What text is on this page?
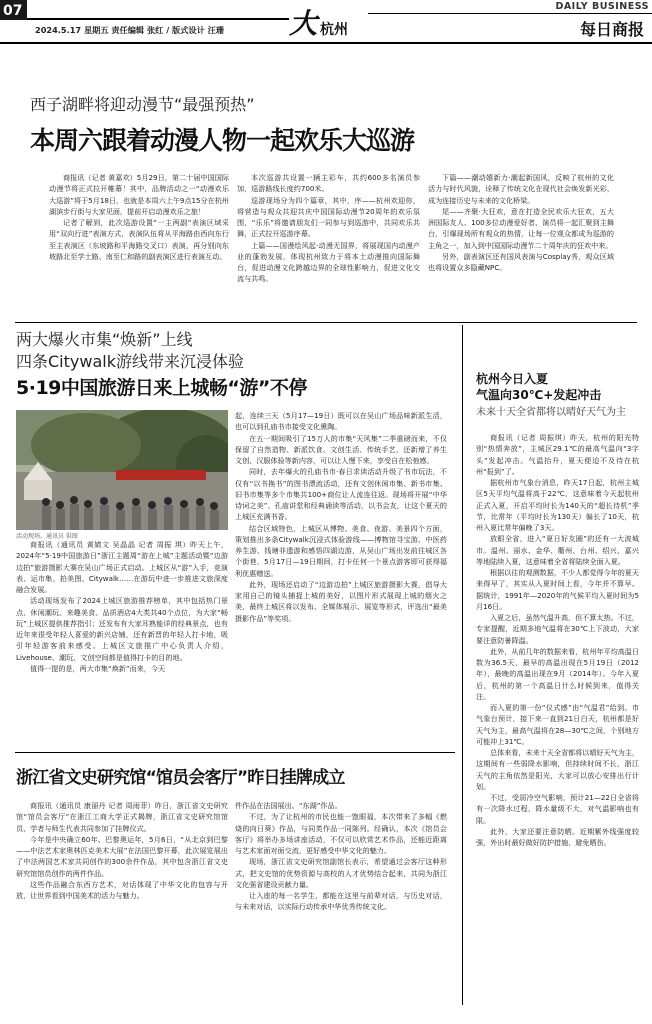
07
2024.5.17 星期五 责任编辑 张红 / 版式设计 汪珊 大 杭州
DAILY BUSINESS
每日商报
西子湖畔将迎动漫节“最强预热”
本周六跟着动漫人物一起欢乐大巡游

商报讯（记者 黄嘉欢）5月29日，第二十届中国国际动漫节将正式拉开帷幕！其中，品牌活动之一“动漫欢乐大巡游”将于5月18日，也就是本周六上午9点15分在杭州湖滨步行街与大家见面，提前开启动漫欢乐之旅！

记者了解到，此次巡游设置“一主两副”表演区域采用“双向行进”表演方式，表演队伍将从平海路由西向东行至主表演区（东坡路和平海路交叉口）表演，再分别向东坡路北至学士路、南至仁和路的副表演区进行表演互动。

本次巡游共设置一辆主彩车，共约600多名演员参加，巡游路线长度约700米。

巡游现场分为四个篇章，其中，序——杭州欢迎你，将营造与观众共迎共庆中国国际动漫节20周年的欢乐氛围，“乐乐”将邀请朋友们一同参与到巡游中，共同欢乐共舞，正式拉开巡游序幕。

上篇——国漫绘风起·动漫无国界，将展现国内动漫产业的蓬勃发展，体现杭州致力于将本土动漫推向国际舞台，促进动漫文化跨越边界的全球性影响力，促进文化交流与共鸣。

下篇——潮动嬉新力·潮起新国风，反映了杭州的文化活力与时代风貌，诠释了传统文化在现代社会焕发新光彩，成为连接历史与未来的文化桥梁。

尾——齐聚·大狂欢，意在打造全民欢乐大狂欢，五大洲国际友人、100多位动漫爱好者、演员将一起汇聚到主舞台，引爆现场所有观众的热情，让每一位观众都成为巡游的主角之一，加入到中国国际动漫节二十周年庆的狂欢中来。

另外，副表演区还有国风表演与Cosplay秀，观众区域也将设置众多隐藏NPC。

两大爆火市集“焕新”上线
四条Citywalk游线带来沉浸体验
5·19中国旅游日来上城畅“游”不停
活动现场。通讯员 供图

商报讯（通讯员 黄婧文 吴晶晶 记者 周振 琪）昨天上午，2024年“5·19中国旅游日”浙江主题周“游在上城”主题活动暨“边游边拍”旅游摄影大赛在吴山广场正式启动。上城区从“游”入手，竞演表、运市集、拍美图、Citywalk……在游玩中进一步推进文旅深度融合发展。

活动现场发布了2024上城区旅游推荐榜单，其中包括热门景点、休闲潮玩、来趣美食、品质酒店4大类共40个点位，为大家“畅玩”上城区提供推荐指引；还发布有大家耳熟能详的经典景点，也有近年来很受年轻人喜爱的新兴店铺，还有新晋的年轻人打卡地，吸引年轻游客前来感受。上城区文旅推广中心负责人介绍，Livehouse、潮玩、文创空间都是值得打卡的目的地。

值得一提的是，两大市集“焕新”而来，今天

起，连续三天（5月17—19日）既可以在吴山广场品味新派生活，也可以到孔庙书市接受文化熏陶。

在五一期间吸引了15万人的市集“天风集”二季重磅而来，不仅保留了自然造物、新派饮食、文创生活、传统手艺，还新增了养生文创、汉服体验等新内容，可以让人慢下来，享受自在松弛感。

同时，去年爆火的孔庙书市·春日求读活动升级了书市玩法，不仅有“以书换书”的图书漂流活动，还有文创休闲市集、新书市集、旧书市集等多个市集共100+商位让人流连往返。现场将开展“中华诗词之美”、孔庙讲堂和经典诵读等活动，以书会友，让这个夏天的上城区充满书香。

结合区域特色，上城区从博物、美食、夜游、美景四个方面，策划推出多条Citywalk沉浸式体验游线——博物馆寻宝游、中医药养生游、钱塘非遗游和感悟四湖边游，从吴山广场出发前往城区各个街巷，5月17日—19日期间，打卡任何一个景点游客即可获得福利优惠赠送。

此外，现场还启动了“边游边拍”上城区旅游摄影大赛，倡导大家用自己的镜头捕捉上城的美好，以图片形式展现上城的烟火之美，最终上城区将以发布、全媒体展示、展览等形式，评选出“最美摄影作品”等奖项。

浙江省文史研究馆“馆员会客厅”昨日挂牌成立

商报讯（通讯员 康丽丹 记者 周雨菲）昨日，浙江省文史研究馆“馆员会客厅”在浙江工商大学正式揭牌，浙江省文史研究馆馆员、学者与师生代表共同参加了挂牌仪式。

今年是中央确立60年、巴黎奥运年，5月6日，“从北京到巴黎——中法艺术家奥林匹克美术大展”在法国巴黎开幕，此次展览展出了中法两国艺术家共同创作的300余件作品，其中包含浙江省文史研究馆馆员创作的两件作品。

这些作品融合东西方艺术，对话体现了中华文化的包容与开放，让世界看到中国美术的活力与魅力。

件作品在法国展出。“东湖”作品。

不过，为了让杭州的市民也能一饱眼福，本次带来了多幅《燃烧的向日葵》作品，与同类作品一同陈列。经确认，本次《馆员会客厅》将举办多场讲座活动，不仅可以欣赏艺术作品，还能近距离与艺术家面对面交流，更好感受中华文化的魅力。

现场，浙江省文史研究馆副馆长表示，希望通过会客厅这种形式，把文史馆的优势资源与高校的人才优势结合起来，共同为浙江文化强省建设贡献力量。

让入座的每一名学生，都能在这里与前辈对话，与历史对话，与未来对话，以实际行动传承中华优秀传统文化。

杭州今日入夏
气温向30℃+发起冲击
未来十天全省都将以晴好天气为主

商报讯（记者 周振琪）昨天，杭州的阳光特别“热情奔放”，主城区29.1℃的最高气温向“3字头”发起冲击。气温抬升，夏天便迫不及待在杭州“报到”了。

据杭州市气象台消息，昨天17日起，杭州主城区5天平均气温将高于22℃，这意味着今天起杭州正式入夏，开启平均时长为140天的“超长待机”季节，比常年（平均时长为130天）偏长了10天，杭州入夏比常年偏晚了3天。

放眼全省，进入“夏日好友圈”的还有一大波城市。温州、丽水、金华、衢州、台州、绍兴、嘉兴等地陆续入夏，这意味着全省将陆续全面入夏。

根据以往的观测数据，不少人都觉得今年的夏天来得早了，其实从入夏时间上看，今年并不算早。据统计，1991年—2020年的气候平均入夏时间为5月16日。

入夏之后，虽然气温升高，但不算太热。不过，专家提醒，近期多地气温将在30℃上下波动，大家要注意防暑降温。

此外，从前几年的数据来看，杭州年平均高温日数为36.5天，最早的高温出现在5月19日（2012年），最晚的高温出现在9月（2014年）。今年入夏后，杭州的第一个高温日什么时候到来，值得关注。

而入夏的第一份“仪式感”由“气温君”给到。市气象台预计，接下来一直到21日白天，杭州都是好天气为主，最高气温将在28—30℃之间，个别地方可能冲上31℃。

总体来看，未来十天全省都将以晴好天气为主，这期间有一些弱降水影响，但持续时间不长，浙江天气的主角依然是阳光，大家可以放心安排出行计划。

不过，受弱冷空气影响，预计21—22日全省将有一次降水过程，降水量级不大，对气温影响也有限。

此外，大家还要注意防晒。近期紫外线强度较强，外出时最好做好防护措施，避免晒伤。
